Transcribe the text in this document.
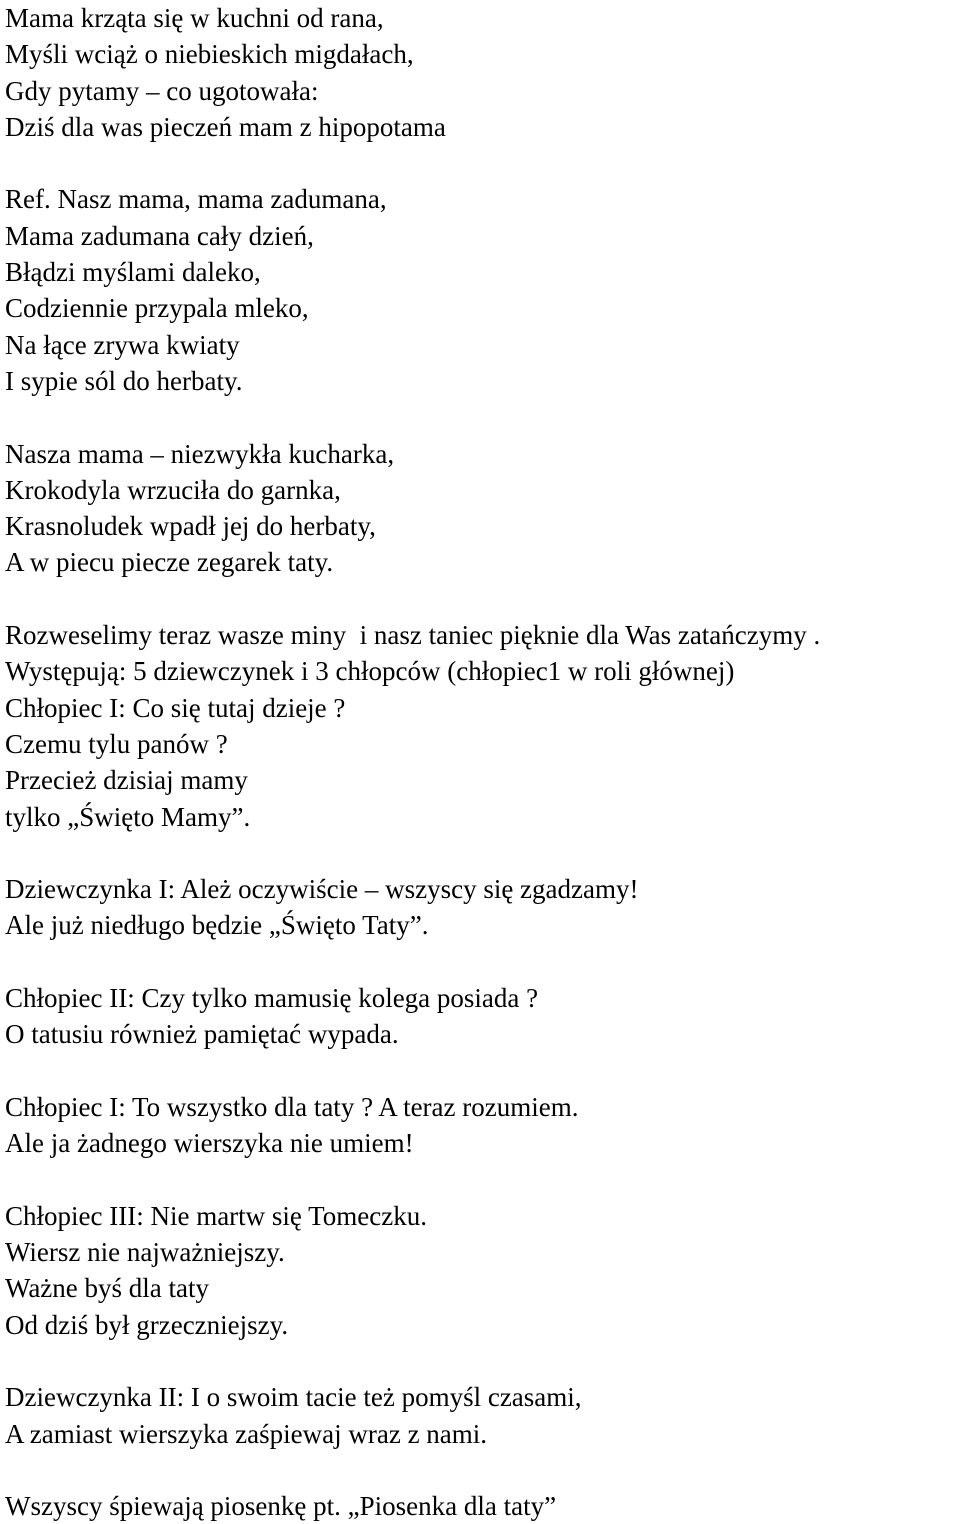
Mama krząta się w kuchni od rana,
Myśli wciąż o niebieskich migdałach,
Gdy pytamy – co ugotowała:
Dziś dla was pieczeń mam z hipopotama
Ref. Nasz mama, mama zadumana,
Mama zadumana cały dzień,
Błądzi myślami daleko,
Codziennie przypala mleko,
Na łące zrywa kwiaty
I sypie sól do herbaty.
Nasza mama – niezwykła kucharka,
Krokodyla wrzuciła do garnka,
Krasnoludek wpadł jej do herbaty,
A w piecu piecze zegarek taty.
Rozweselimy teraz wasze miny  i nasz taniec pięknie dla Was zatańczymy .
Występują: 5 dziewczynek i 3 chłopców (chłopiec1 w roli głównej)
Chłopiec I: Co się tutaj dzieje ?
Czemu tylu panów ?
Przecież dzisiaj mamy
tylko „Święto Mamy”.
Dziewczynka I: Ależ oczywiście – wszyscy się zgadzamy!
Ale już niedługo będzie „Święto Taty”.
Chłopiec II: Czy tylko mamusię kolega posiada ?
O tatusiu również pamiętać wypada.
Chłopiec I: To wszystko dla taty ? A teraz rozumiem.
Ale ja żadnego wierszyka nie umiem!
Chłopiec III: Nie martw się Tomeczku.
Wiersz nie najważniejszy.
Ważne byś dla taty
Od dziś był grzeczniejszy.
Dziewczynka II: I o swoim tacie też pomyśl czasami,
A zamiast wierszyka zaśpiewaj wraz z nami.
Wszyscy śpiewają piosenkę pt. „Piosenka dla taty”
